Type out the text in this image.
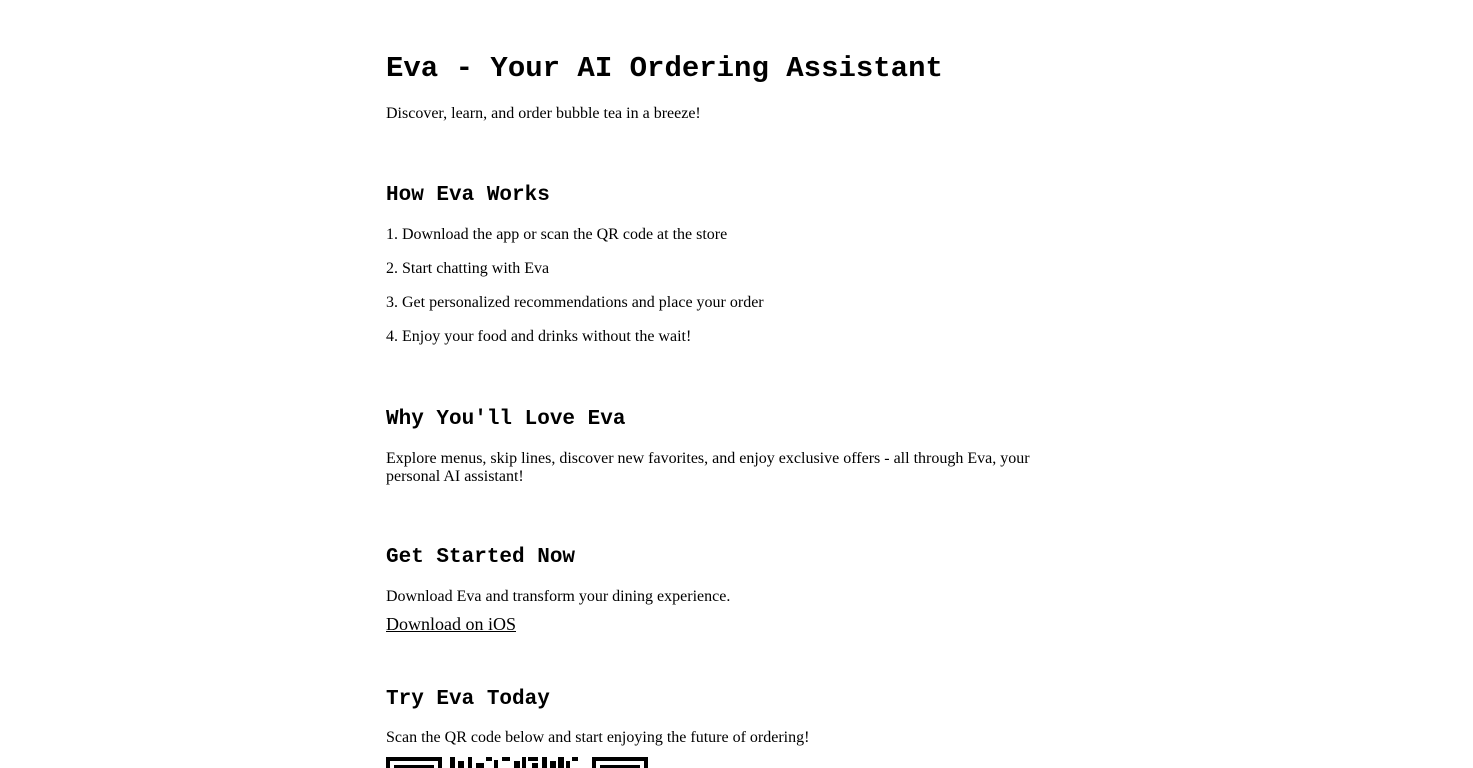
Eva - Your AI Ordering Assistant

Discover, learn, and order bubble tea in a breeze!

How Eva Works

1. Download the app or scan the QR code at the store

2. Start chatting with Eva

3. Get personalized recommendations and place your order

4. Enjoy your food and drinks without the wait!

Why You'll Love Eva

Explore menus, skip lines, discover new favorites, and enjoy exclusive offers - all through Eva, your personal AI assistant!

Get Started Now

Download Eva and transform your dining experience.

Download on iOS
Try Eva Today

Scan the QR code below and start enjoying the future of ordering!
